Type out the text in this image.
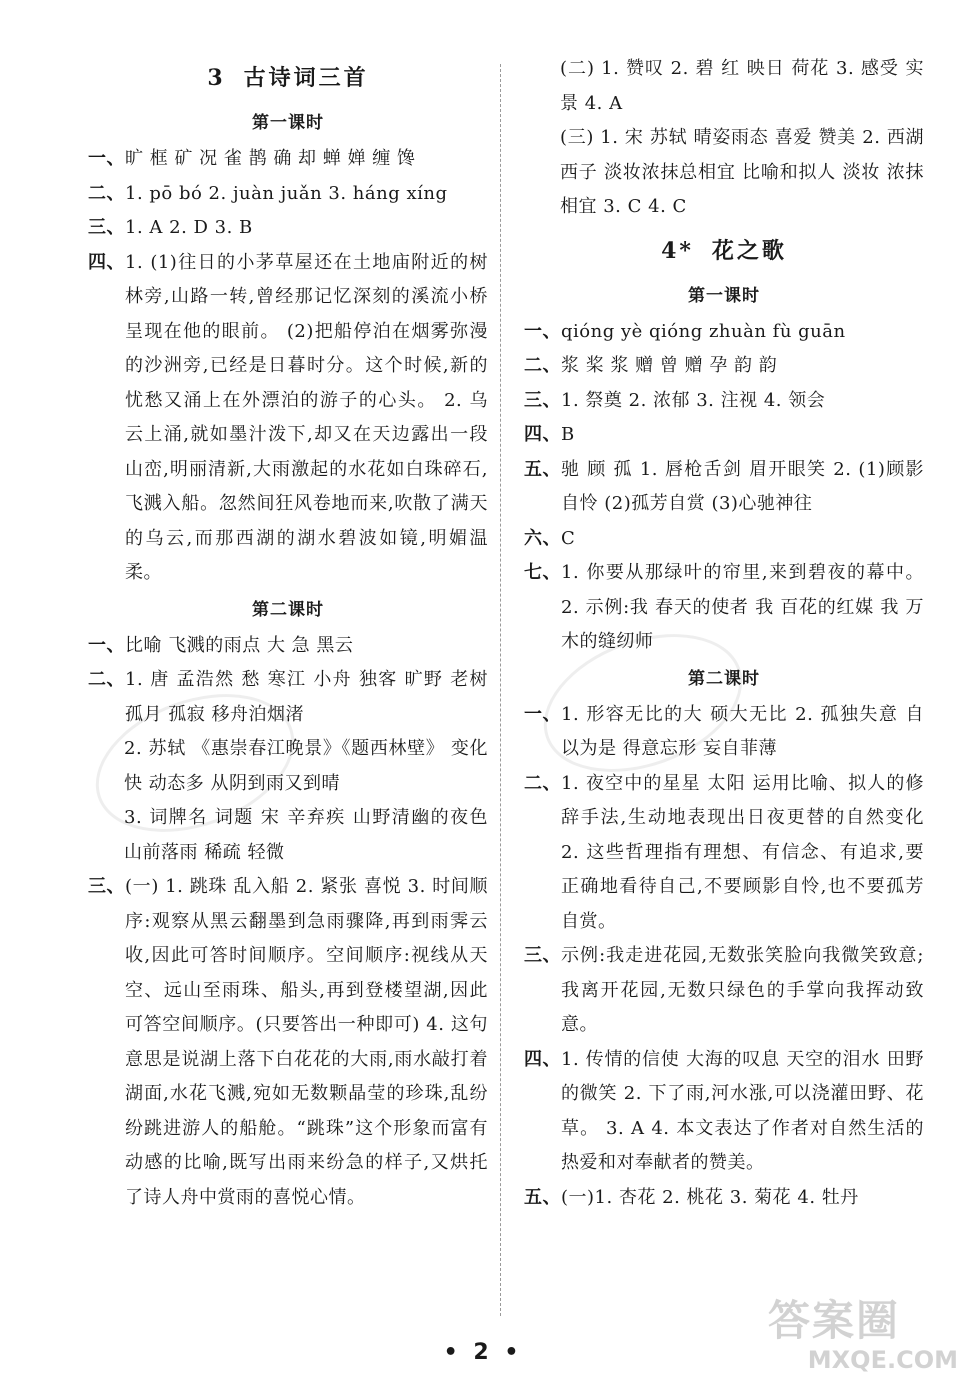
3 古诗词三首
第一课时
一、 旷 框 矿 况 雀 鹊 确 却 蝉 婵 缠 馋
二、 1. pō bó 2. juàn juǎn 3. háng xíng
三、 1. A 2. D 3. B
四、 1. (1)往日的小茅草屋还在土地庙附近的树林旁,山路一转,曾经那记忆深刻的溪流小桥呈现在他的眼前。 (2)把船停泊在烟雾弥漫的沙洲旁,已经是日暮时分。这个时候,新的忧愁又涌上在外漂泊的游子的心头。 2. 乌云上涌,就如墨汁泼下,却又在天边露出一段山峦,明丽清新,大雨激起的水花如白珠碎石,飞溅入船。忽然间狂风卷地而来,吹散了满天的乌云,而那西湖的湖水碧波如镜,明媚温柔。
第二课时
一、 比喻 飞溅的雨点 大 急 黑云
二、 1. 唐 孟浩然 愁 寒江 小舟 独客 旷野 老树 孤月 孤寂 移舟泊烟渚
2. 苏轼 《惠崇春江晚景》《题西林壁》 变化快 动态多 从阴到雨又到晴
3. 词牌名 词题 宋 辛弃疾 山野清幽的夜色 山前落雨 稀疏 轻微
三、 (一) 1. 跳珠 乱入船 2. 紧张 喜悦 3. 时间顺序:观察从黑云翻墨到急雨骤降,再到雨霁云收,因此可答时间顺序。空间顺序:视线从天空、远山至雨珠、船头,再到登楼望湖,因此可答空间顺序。(只要答出一种即可) 4. 这句意思是说湖上落下白花花的大雨,雨水敲打着湖面,水花飞溅,宛如无数颗晶莹的珍珠,乱纷纷跳进游人的船舱。“跳珠”这个形象而富有动感的比喻,既写出雨来纷急的样子,又烘托了诗人舟中赏雨的喜悦心情。
(二) 1. 赞叹 2. 碧 红 映日 荷花 3. 感受 实景 4. A
(三) 1. 宋 苏轼 晴姿雨态 喜爱 赞美 2. 西湖 西子 淡妆浓抹总相宜 比喻和拟人 淡妆 浓抹 相宜 3. C 4. C
4* 花之歌
第一课时
一、 qióng yè qióng zhuàn fù guān
二、 浆 桨 浆 赠 曾 赠 孕 韵 韵
三、 1. 祭奠 2. 浓郁 3. 注视 4. 领会
四、 B
五、 驰 顾 孤 1. 唇枪舌剑 眉开眼笑 2. (1)顾影自怜 (2)孤芳自赏 (3)心驰神往
六、 C
七、 1. 你要从那绿叶的帘里,来到碧夜的幕中。 2. 示例:我 春天的使者 我 百花的红媒 我 万木的缝纫师
第二课时
一、 1. 形容无比的大 硕大无比 2. 孤独失意 自以为是 得意忘形 妄自菲薄
二、 1. 夜空中的星星 太阳 运用比喻、拟人的修辞手法,生动地表现出日夜更替的自然变化 2. 这些哲理指有理想、有信念、有追求,要正确地看待自己,不要顾影自怜,也不要孤芳自赏。
三、 示例:我走进花园,无数张笑脸向我微笑致意;我离开花园,无数只绿色的手掌向我挥动致意。
四、 1. 传情的信使 大海的叹息 天空的泪水 田野的微笑 2. 下了雨,河水涨,可以浇灌田野、花草。 3. A 4. 本文表达了作者对自然生活的热爱和对奉献者的赞美。
五、 (一)1. 杏花 2. 桃花 3. 菊花 4. 牡丹
• 2 •
答案圈
MXQE.COM
